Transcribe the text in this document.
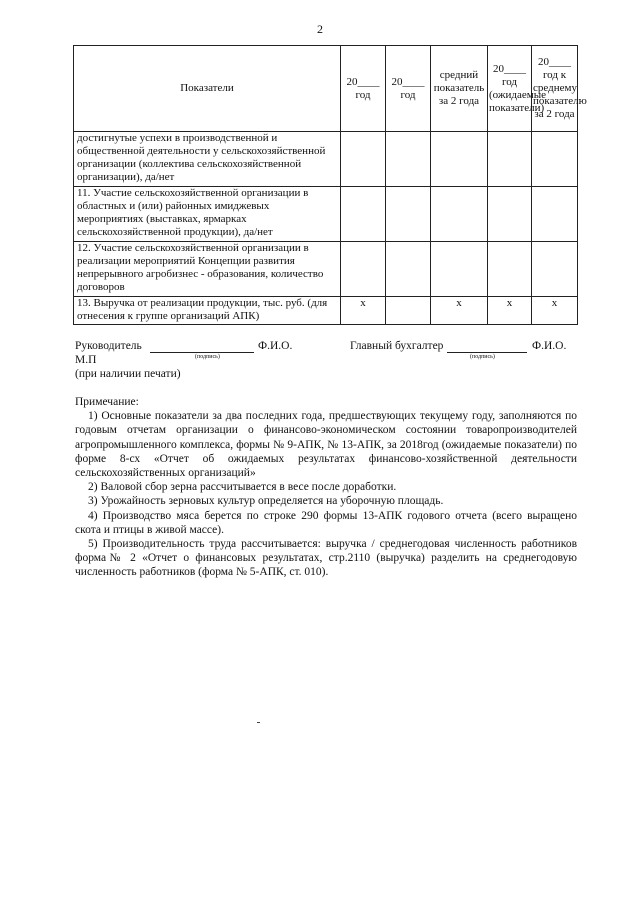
2
Показатели	20____ год	20____ год	средний показатель за 2 года	20____ год (ожидаемые показатели)	20____ год к среднему показателю за 2 года
достигнутые успехи в производственной и общественной деятельности у сельскохозяйственной организации (коллектива сельскохозяйственной организации), да/нет					
11. Участие сельскохозяйственной организации в областных и (или) районных имиджевых мероприятиях (выставках, ярмарках сельскохозяйственной продукции), да/нет					
12. Участие сельскохозяйственной организации в реализации мероприятий Концепции развития непрерывного агробизнес - образования, количество договоров					
13. Выручка от реализации продукции, тыс. руб. (для отнесения к группе организаций АПК)	х		х	х	х
Руководитель
(подпись)
Ф.И.О.	Главный бухгалтер
(подпись)
Ф.И.О.
М.П
(при наличии печати)

Примечание:

1) Основные показатели за два последних года, предшествующих текущему году, заполняются по годовым отчетам организации о финансово-экономическом состоянии товаропроизводителей агропромышленного комплекса, формы № 9-АПК, № 13-АПК, за 2018год (ожидаемые показатели) по форме 8-сх «Отчет об ожидаемых результатах финансово-хозяйственной деятельности сельскохозяйственных организаций»

2) Валовой сбор зерна рассчитывается в весе после доработки.

3) Урожайность зерновых культур определяется на уборочную площадь.

4) Производство мяса берется по строке 290 формы 13-АПК годового отчета (всего выращено скота и птицы в живой массе).

5) Производительность труда рассчитывается: выручка / среднегодовая численность работников форма№ 2 «Отчет о финансовых результатах, стр.2110 (выручка) разделить на среднегодовую численность работников (форма № 5-АПК, ст. 010).
